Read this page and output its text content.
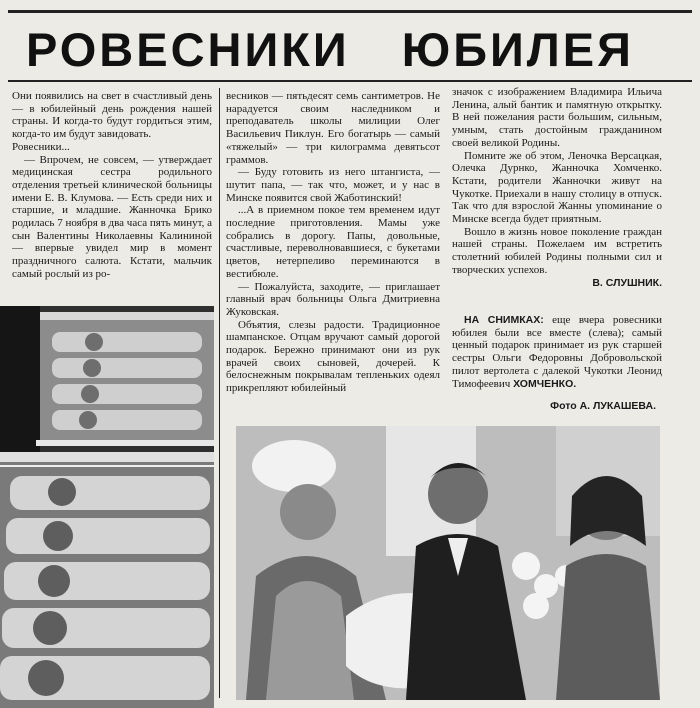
РОВЕСНИКИ ЮБИЛЕЯ

Они появились на свет в счастливый день — в юбилейный день рождения нашей страны. И когда-то будут гордиться этим, когда-то им будут завидовать.

Ровесники...

— Впрочем, не совсем, — утверждает медицинская сестра родильного отделения третьей клинической больницы имени Е. В. Клумова. — Есть среди них и старшие, и младшие. Жанночка Брико родилась 7 ноября в два часа пять минут, а сын Валентины Николаевны Калининой — впервые увидел мир в момент праздничного салюта. Кстати, мальчик самый рослый из ро-

весников — пятьдесят семь сантиметров. Не нарадуется своим наследником и преподаватель школы милиции Олег Васильевич Пиклун. Его богатырь — самый «тяжелый» — три килограмма девятьсот граммов.

— Буду готовить из него штангиста, — шутит папа, — так что, может, и у нас в Минске появится свой Жаботинский!

...А в приемном покое тем временем идут последние приготовления. Мамы уже собрались в дорогу. Папы, довольные, счастливые, переволновавшиеся, с букетами цветов, нетерпеливо переминаются в вестибюле.

— Пожалуйста, заходите, — приглашает главный врач больницы Ольга Дмитриевна Жуковская.

Объятия, слезы радости. Традиционное шампанское. Отцам вручают самый дорогой подарок. Бережно принимают они из рук врачей своих сыновей, дочерей. К белоснежным покрывалам тепленьких одеял прикрепляют юбилейный

значок с изображением Владимира Ильича Ленина, алый бантик и памятную открытку. В ней пожелания расти большим, сильным, умным, стать достойным гражданином своей великой Родины.

Помните же об этом, Леночка Версацкая, Олечка Дурнко, Жанночка Хомченко. Кстати, родители Жанночки живут на Чукотке. Приехали в нашу столицу в отпуск. Так что для взрослой Жанны упоминание о Минске всегда будет приятным.

Вошло в жизнь новое поколение граждан нашей страны. Пожелаем им встретить столетний юбилей Родины полными сил и творческих успехов.

В. СЛУШНИК.

НА СНИМКАХ: еще вчера ровесники юбилея были все вместе (слева); самый ценный подарок принимает из рук старшей сестры Ольги Федоровны Добровольской пилот вертолета с далекой Чукотки Леонид Тимофеевич ХОМЧЕНКО.

Фото А. ЛУКАШЕВА.
